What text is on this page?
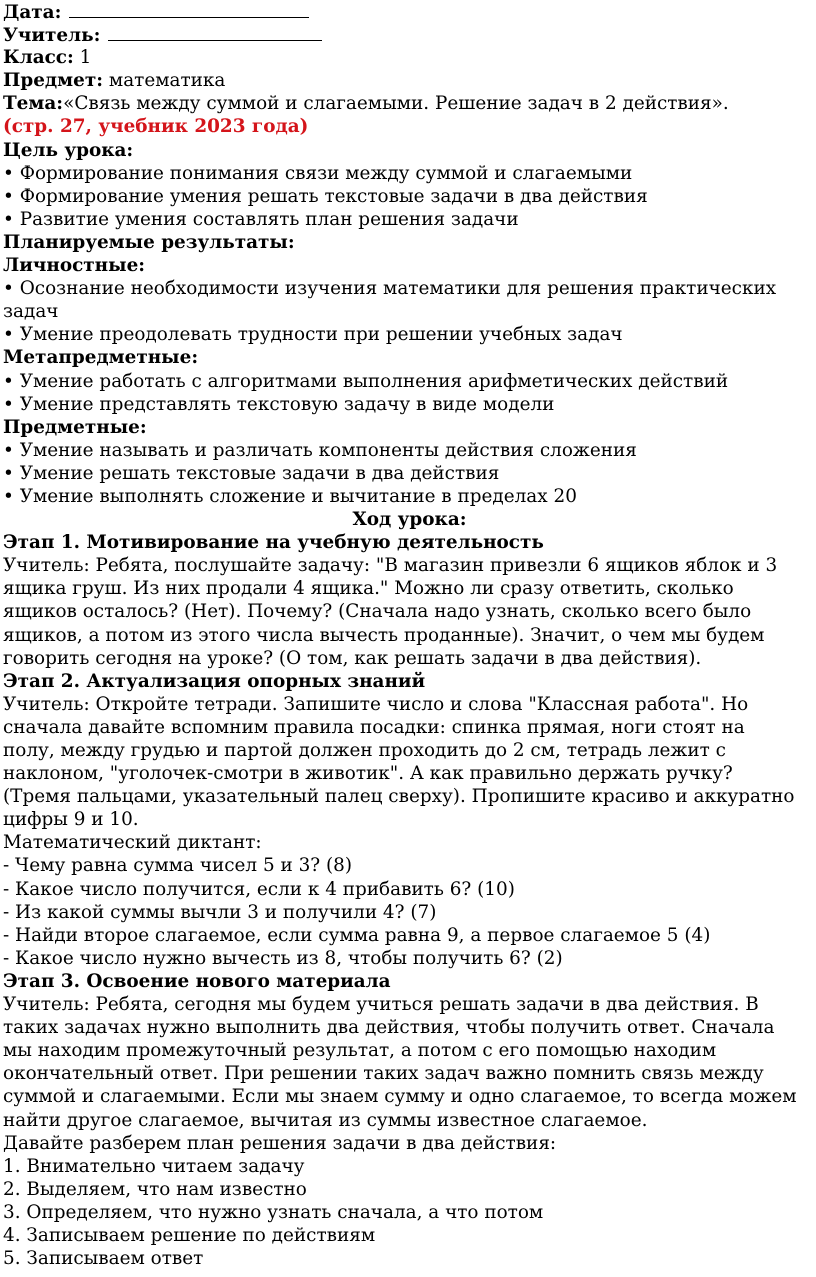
Дата:
Учитель:
Класс: 1
Предмет: математика
Тема:«Связь между суммой и слагаемыми. Решение задач в 2 действия».
(стр. 27, учебник 2023 года)
Цель урока:
• Формирование понимания связи между суммой и слагаемыми
• Формирование умения решать текстовые задачи в два действия
• Развитие умения составлять план решения задачи
Планируемые результаты:
Личностные:
• Осознание необходимости изучения математики для решения практических
задач
• Умение преодолевать трудности при решении учебных задач
Метапредметные:
• Умение работать с алгоритмами выполнения арифметических действий
• Умение представлять текстовую задачу в виде модели
Предметные:
• Умение называть и различать компоненты действия сложения
• Умение решать текстовые задачи в два действия
• Умение выполнять сложение и вычитание в пределах 20
Ход урока:
Этап 1. Мотивирование на учебную деятельность
Учитель: Ребята, послушайте задачу: "В магазин привезли 6 ящиков яблок и 3
ящика груш. Из них продали 4 ящика." Можно ли сразу ответить, сколько
ящиков осталось? (Нет). Почему? (Сначала надо узнать, сколько всего было
ящиков, а потом из этого числа вычесть проданные). Значит, о чем мы будем
говорить сегодня на уроке? (О том, как решать задачи в два действия).
Этап 2. Актуализация опорных знаний
Учитель: Откройте тетради. Запишите число и слова "Классная работа". Но
сначала давайте вспомним правила посадки: спинка прямая, ноги стоят на
полу, между грудью и партой должен проходить до 2 см, тетрадь лежит с
наклоном, "уголочек-смотри в животик". А как правильно держать ручку?
(Тремя пальцами, указательный палец сверху). Пропишите красиво и аккуратно
цифры 9 и 10.
Математический диктант:
- Чему равна сумма чисел 5 и 3? (8)
- Какое число получится, если к 4 прибавить 6? (10)
- Из какой суммы вычли 3 и получили 4? (7)
- Найди второе слагаемое, если сумма равна 9, а первое слагаемое 5 (4)
- Какое число нужно вычесть из 8, чтобы получить 6? (2)
Этап 3. Освоение нового материала
Учитель: Ребята, сегодня мы будем учиться решать задачи в два действия. В
таких задачах нужно выполнить два действия, чтобы получить ответ. Сначала
мы находим промежуточный результат, а потом с его помощью находим
окончательный ответ. При решении таких задач важно помнить связь между
суммой и слагаемыми. Если мы знаем сумму и одно слагаемое, то всегда можем
найти другое слагаемое, вычитая из суммы известное слагаемое.
Давайте разберем план решения задачи в два действия:
1. Внимательно читаем задачу
2. Выделяем, что нам известно
3. Определяем, что нужно узнать сначала, а что потом
4. Записываем решение по действиям
5. Записываем ответ
